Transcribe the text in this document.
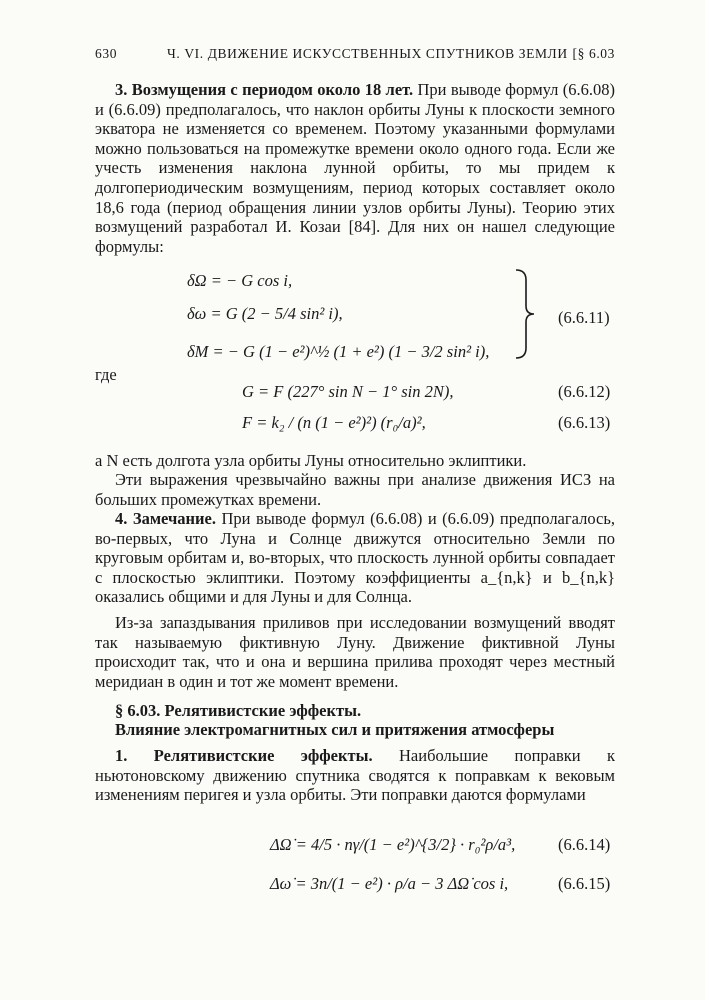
630	Ч. VI. ДВИЖЕНИЕ ИСКУССТВЕННЫХ СПУТНИКОВ ЗЕМЛИ [§ 6.03

3. Возмущения с периодом около 18 лет. При выводе формул (6.6.08) и (6.6.09) предполагалось, что наклон орбиты Луны к плоскости земного экватора не изменяется со временем. Поэтому указанными формулами можно пользоваться на промежутке времени около одного года. Если же учесть изменения наклона лунной орбиты, то мы придем к долгопериодическим возмущениям, период которых составляет около 18,6 года (период обращения линии узлов орбиты Луны). Теорию этих возмущений разработал И. Козаи [84]. Для них он нашел следующие формулы:

δΩ = − G cos i,
δω = G (2 − 5/4 sin² i),
δM = − G (1 − e²)^½ (1 + e²) (1 − 3/2 sin² i),
(6.6.11)
где
G = F (227° sin N − 1° sin 2N),	(6.6.12)
F = k₂ / (n (1 − e²)²) (r₀/a)²,	(6.6.13)

а N есть долгота узла орбиты Луны относительно эклиптики.

Эти выражения чрезвычайно важны при анализе движения ИСЗ на больших промежутках времени.

4. Замечание. При выводе формул (6.6.08) и (6.6.09) предполагалось, во-первых, что Луна и Солнце движутся относительно Земли по круговым орбитам и, во-вторых, что плоскость лунной орбиты совпадает с плоскостью эклиптики. Поэтому коэффициенты a_{n,k} и b_{n,k} оказались общими и для Луны и для Солнца.

Из-за запаздывания приливов при исследовании возмущений вводят так называемую фиктивную Луну. Движение фиктивной Луны происходит так, что и она и вершина прилива проходят через местный меридиан в один и тот же момент времени.

§ 6.03. Релятивистские эффекты.
Влияние электромагнитных сил и притяжения атмосферы

1. Релятивистские эффекты. Наибольшие поправки к ньютоновскому движению спутника сводятся к поправкам к вековым изменениям перигея и узла орбиты. Эти поправки даются формулами

ΔΩ̇ = 4/5 · nγ/(1 − e²)^{3/2} · r₀²ρ/a³,	(6.6.14)
Δω̇ = 3n/(1 − e²) · ρ/a − 3 ΔΩ̇ cos i,	(6.6.15)
